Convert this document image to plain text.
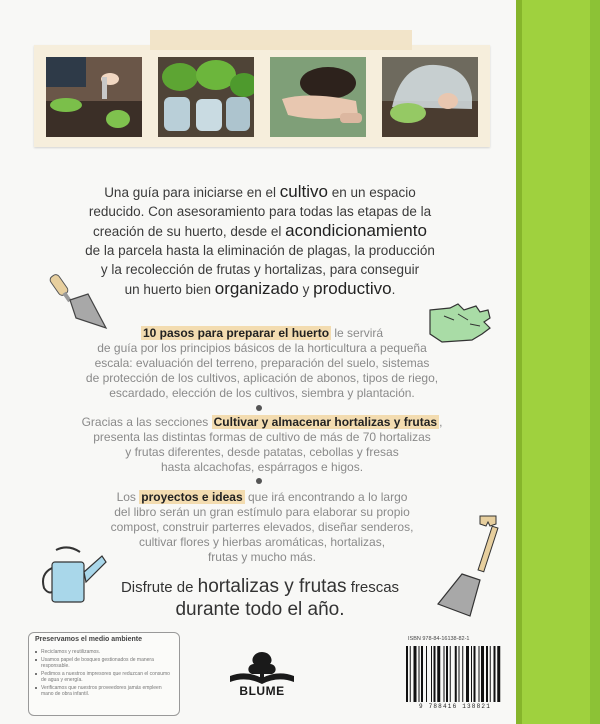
Una guía para iniciarse en el cultivo en un espacio
reducido. Con asesoramiento para todas las etapas de la
creación de su huerto, desde el acondicionamiento
de la parcela hasta la eliminación de plagas, la producción
y la recolección de frutas y hortalizas, para conseguir
un huerto bien organizado y productivo.
10 pasos para preparar el huerto le servirá
de guía por los principios básicos de la horticultura a pequeña
escala: evaluación del terreno, preparación del suelo, sistemas
de protección de los cultivos, aplicación de abonos, tipos de riego,
escardado, elección de los cultivos, siembra y plantación.
Gracias a las secciones Cultivar y almacenar hortalizas y frutas ,
presenta las distintas formas de cultivo de más de 70 hortalizas
y frutas diferentes, desde patatas, cebollas y fresas
hasta alcachofas, espárragos e higos.
Los proyectos e ideas que irá encontrando a lo largo
del libro serán un gran estímulo para elaborar su propio
compost, construir parterres elevados, diseñar senderos,
cultivar flores y hierbas aromáticas, hortalizas,
frutas y mucho más.
Disfrute de hortalizas y frutas frescas
durante todo el año.
Preservamos el medio ambiente
Reciclamos y reutilizamos.
Usamos papel de bosques gestionados de manera responsable.
Pedimos a nuestros impresores que reduzcan el consumo de agua y energía.
Verificamos que nuestros proveedores jamás empleen mano de obra infantil.	BLUME
ISBN 978-84-16138-82-1
9 788416 138821
